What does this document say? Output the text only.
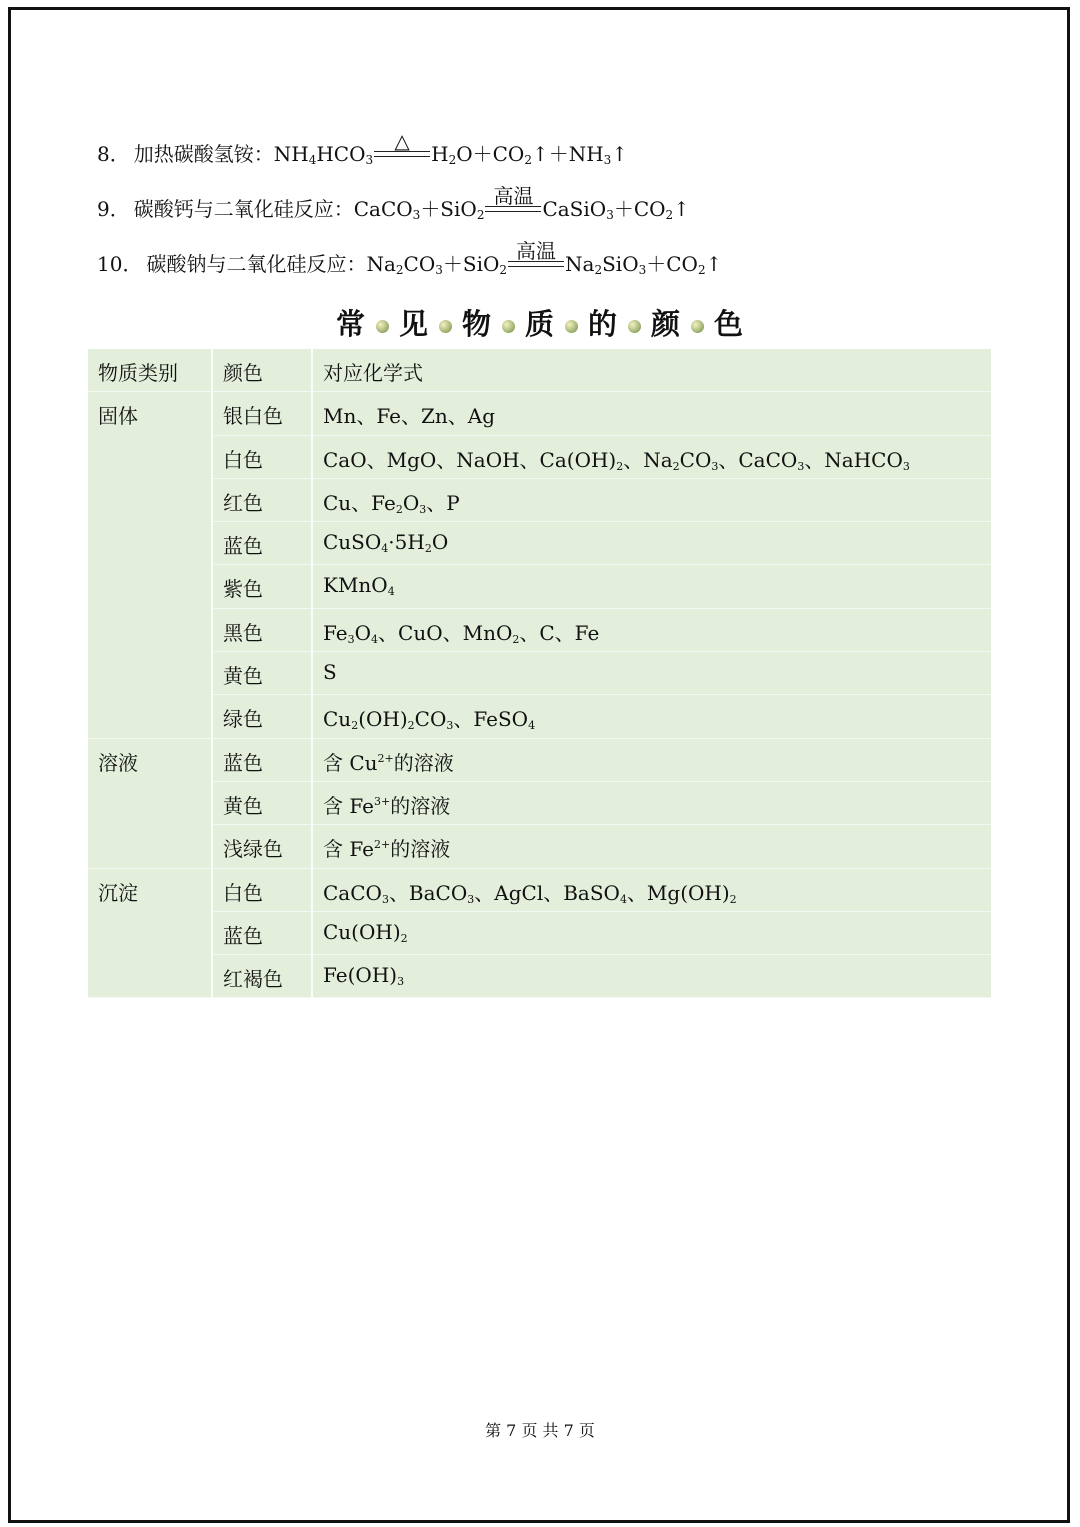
8． 加热碳酸氢铵：$NH_4HCO_3$
△
$H_2O+CO_2↑+NH_3↑$
9． 碳酸钙与二氧化硅反应：CaCO$_3$＋SiO$_2$
高温
$CaSiO_3+CO_2↑$
10． 碳酸钠与二氧化硅反应：$Na_2CO_3+SiO_2$
高温
$Na_2SiO_3+CO_2↑$
常 见 物 质 的 颜 色
物质类别	颜色	对应化学式
固体	银白色	Mn、Fe、Zn、Ag
	白色	CaO、MgO、NaOH、$Ca(OH)_2$、$Na_2CO_3$、CaCO$_3$、NaHCO$_3$
	红色	Cu、$Fe_2O_3$、P
	蓝色	$CuSO_4\cdot 5H_2O$
	紫色	KMnO$_4$
	黑色	$Fe_3O_4$、CuO、MnO$_2$、C、Fe
	黄色	S
	绿色	$Cu_2(OH)_2CO_3$、FeSO$_4$
溶液	蓝色	含 $Cu^{2+}$的溶液
	黄色	含 $Fe^{3+}$的溶液
	浅绿色	含 $Fe^{2+}$的溶液
沉淀	白色	CaCO$_3$、BaCO$_3$、AgCl、BaSO$_4$、$Mg(OH)_2$
	蓝色	$Cu(OH)_2$
	红褐色	$Fe(OH)_3$
第 7 页 共 7 页
